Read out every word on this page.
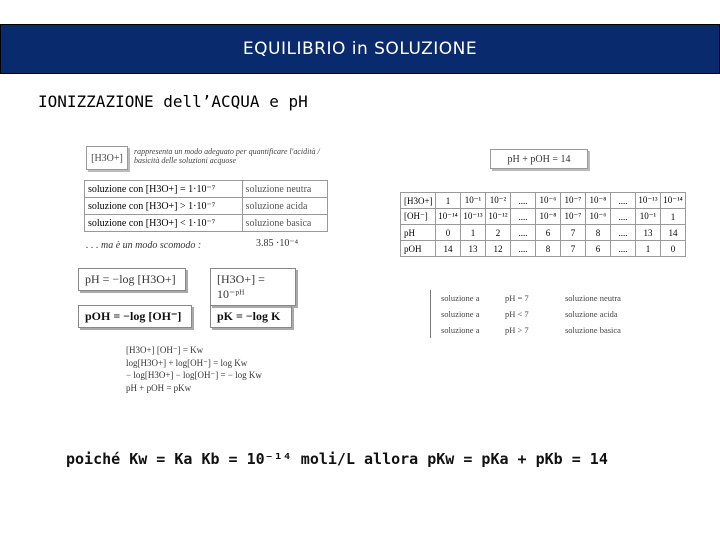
EQUILIBRIO in SOLUZIONE
IONIZZAZIONE dell’ACQUA e pH
[H3O+]
rappresenta un modo adeguato per quantificare l'acidità / basicità delle soluzioni acquose	pH + pOH = 14
soluzione con [H3O+] = 1·10⁻⁷	soluzione neutra
soluzione con [H3O+] > 1·10⁻⁷	soluzione acida
soluzione con [H3O+] < 1·10⁻⁷	soluzione basica
. . . ma è un modo scomodo :	3.85 ·10⁻⁴
pH = −log [H3O+]	[H3O+] = 10⁻ᵖᴴ
pOH = −log [OH⁻]	pK = −log K
[H3O+] [OH⁻] = Kw
log[H3O+] + log[OH⁻] = log Kw
− log[H3O+] − log[OH⁻] = − log Kw
pH + pOH = pKw
[H3O+]	1	10⁻¹	10⁻²	....	10⁻⁶	10⁻⁷	10⁻⁸	....	10⁻¹³	10⁻¹⁴
[OH⁻]	10⁻¹⁴	10⁻¹³	10⁻¹²	....	10⁻⁸	10⁻⁷	10⁻⁶	....	10⁻¹	1
pH	0	1	2	....	6	7	8	....	13	14
pOH	14	13	12	....	8	7	6	....	1	0
soluzione a	pH = 7	soluzione neutra
soluzione a	pH < 7	soluzione acida
soluzione a	pH > 7	soluzione basica
poiché Kw = Ka Kb = 10⁻¹⁴ moli/L allora pKw = pKa + pKb = 14
